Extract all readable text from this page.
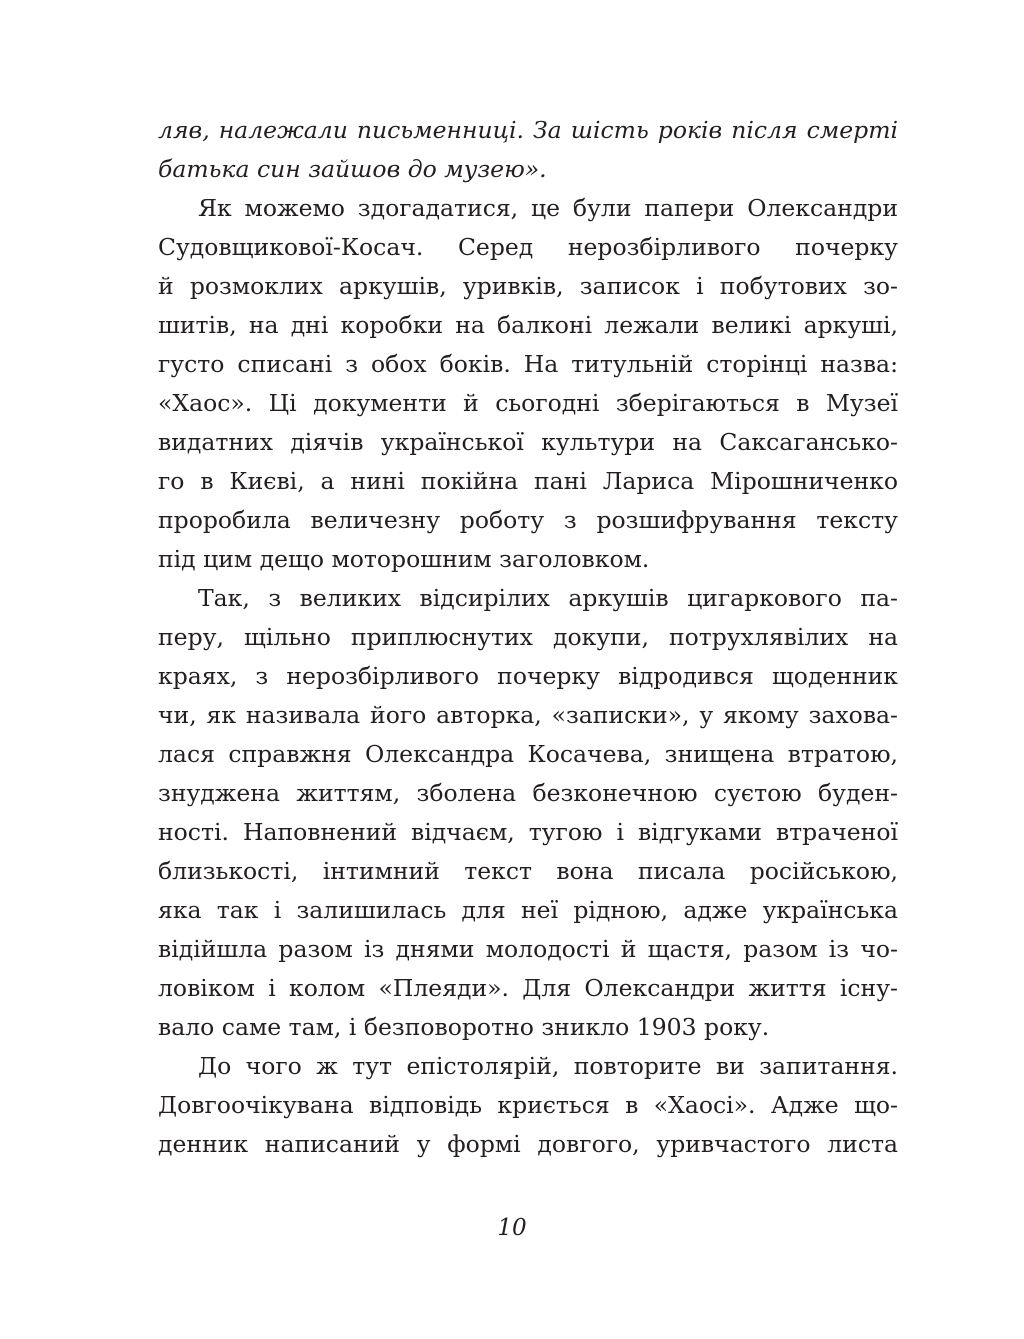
ляв, належали письменниці. За шість років після смерті
батька син зайшов до музею».
Як можемо здогадатися, це були папери Олександри
Судовщикової-Косач. Серед нерозбірливого почерку
й розмоклих аркушів, уривків, записок і побутових зо-
шитів, на дні коробки на балконі лежали великі аркуші,
густо списані з обох боків. На титульній сторінці назва:
«Хаос». Ці документи й сьогодні зберігаються в Музеї
видатних діячів української культури на Саксагансько-
го в Києві, а нині покійна пані Лариса Мірошниченко
проробила величезну роботу з розшифрування тексту
під цим дещо моторошним заголовком.
Так, з великих відсирілих аркушів цигаркового па-
перу, щільно приплюснутих докупи, потрухлявілих на
краях, з нерозбірливого почерку відродився щоденник
чи, як називала його авторка, «записки», у якому захова-
лася справжня Олександра Косачева, знищена втратою,
знуджена життям, зболена безконечною суєтою буден-
ності. Наповнений відчаєм, тугою і відгуками втраченої
близькості, інтимний текст вона писала російською,
яка так і залишилась для неї рідною, адже українська
відійшла разом із днями молодості й щастя, разом із чо-
ловіком і колом «Плеяди». Для Олександри життя існу-
вало саме там, і безповоротно зникло 1903 року.
До чого ж тут епістолярій, повторите ви запитання.
Довгоочікувана відповідь криється в «Хаосі». Адже що-
денник написаний у формі довгого, уривчастого листа
10
